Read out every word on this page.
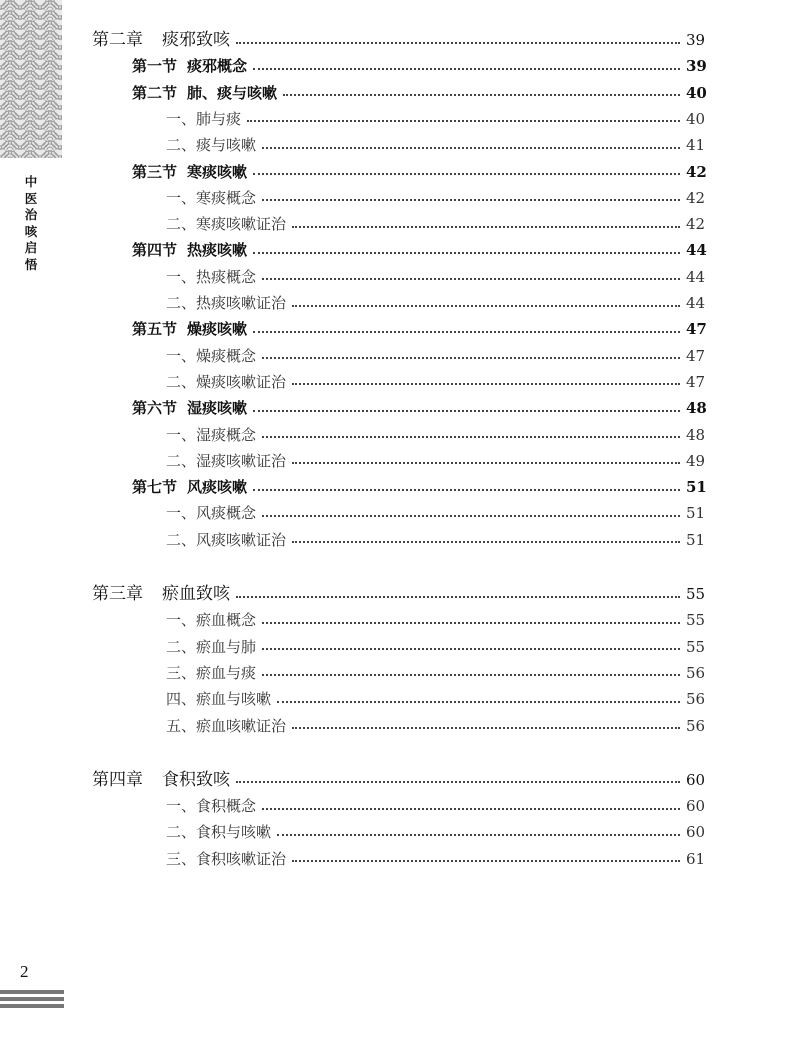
中
医
治
咳
启
悟
第二章	痰邪致咳	39
第一节 痰邪概念	39
第二节 肺、痰与咳嗽	40
一、 肺与痰	40
二、 痰与咳嗽	41
第三节 寒痰咳嗽	42
一、 寒痰概念	42
二、 寒痰咳嗽证治	42
第四节 热痰咳嗽	44
一、 热痰概念	44
二、 热痰咳嗽证治	44
第五节 燥痰咳嗽	47
一、 燥痰概念	47
二、 燥痰咳嗽证治	47
第六节 湿痰咳嗽	48
一、 湿痰概念	48
二、 湿痰咳嗽证治	49
第七节 风痰咳嗽	51
一、 风痰概念	51
二、 风痰咳嗽证治	51
第三章	瘀血致咳	55
一、 瘀血概念	55
二、 瘀血与肺	55
三、 瘀血与痰	56
四、 瘀血与咳嗽	56
五、 瘀血咳嗽证治	56
第四章	食积致咳	60
一、 食积概念	60
二、 食积与咳嗽	60
三、 食积咳嗽证治	61
2
